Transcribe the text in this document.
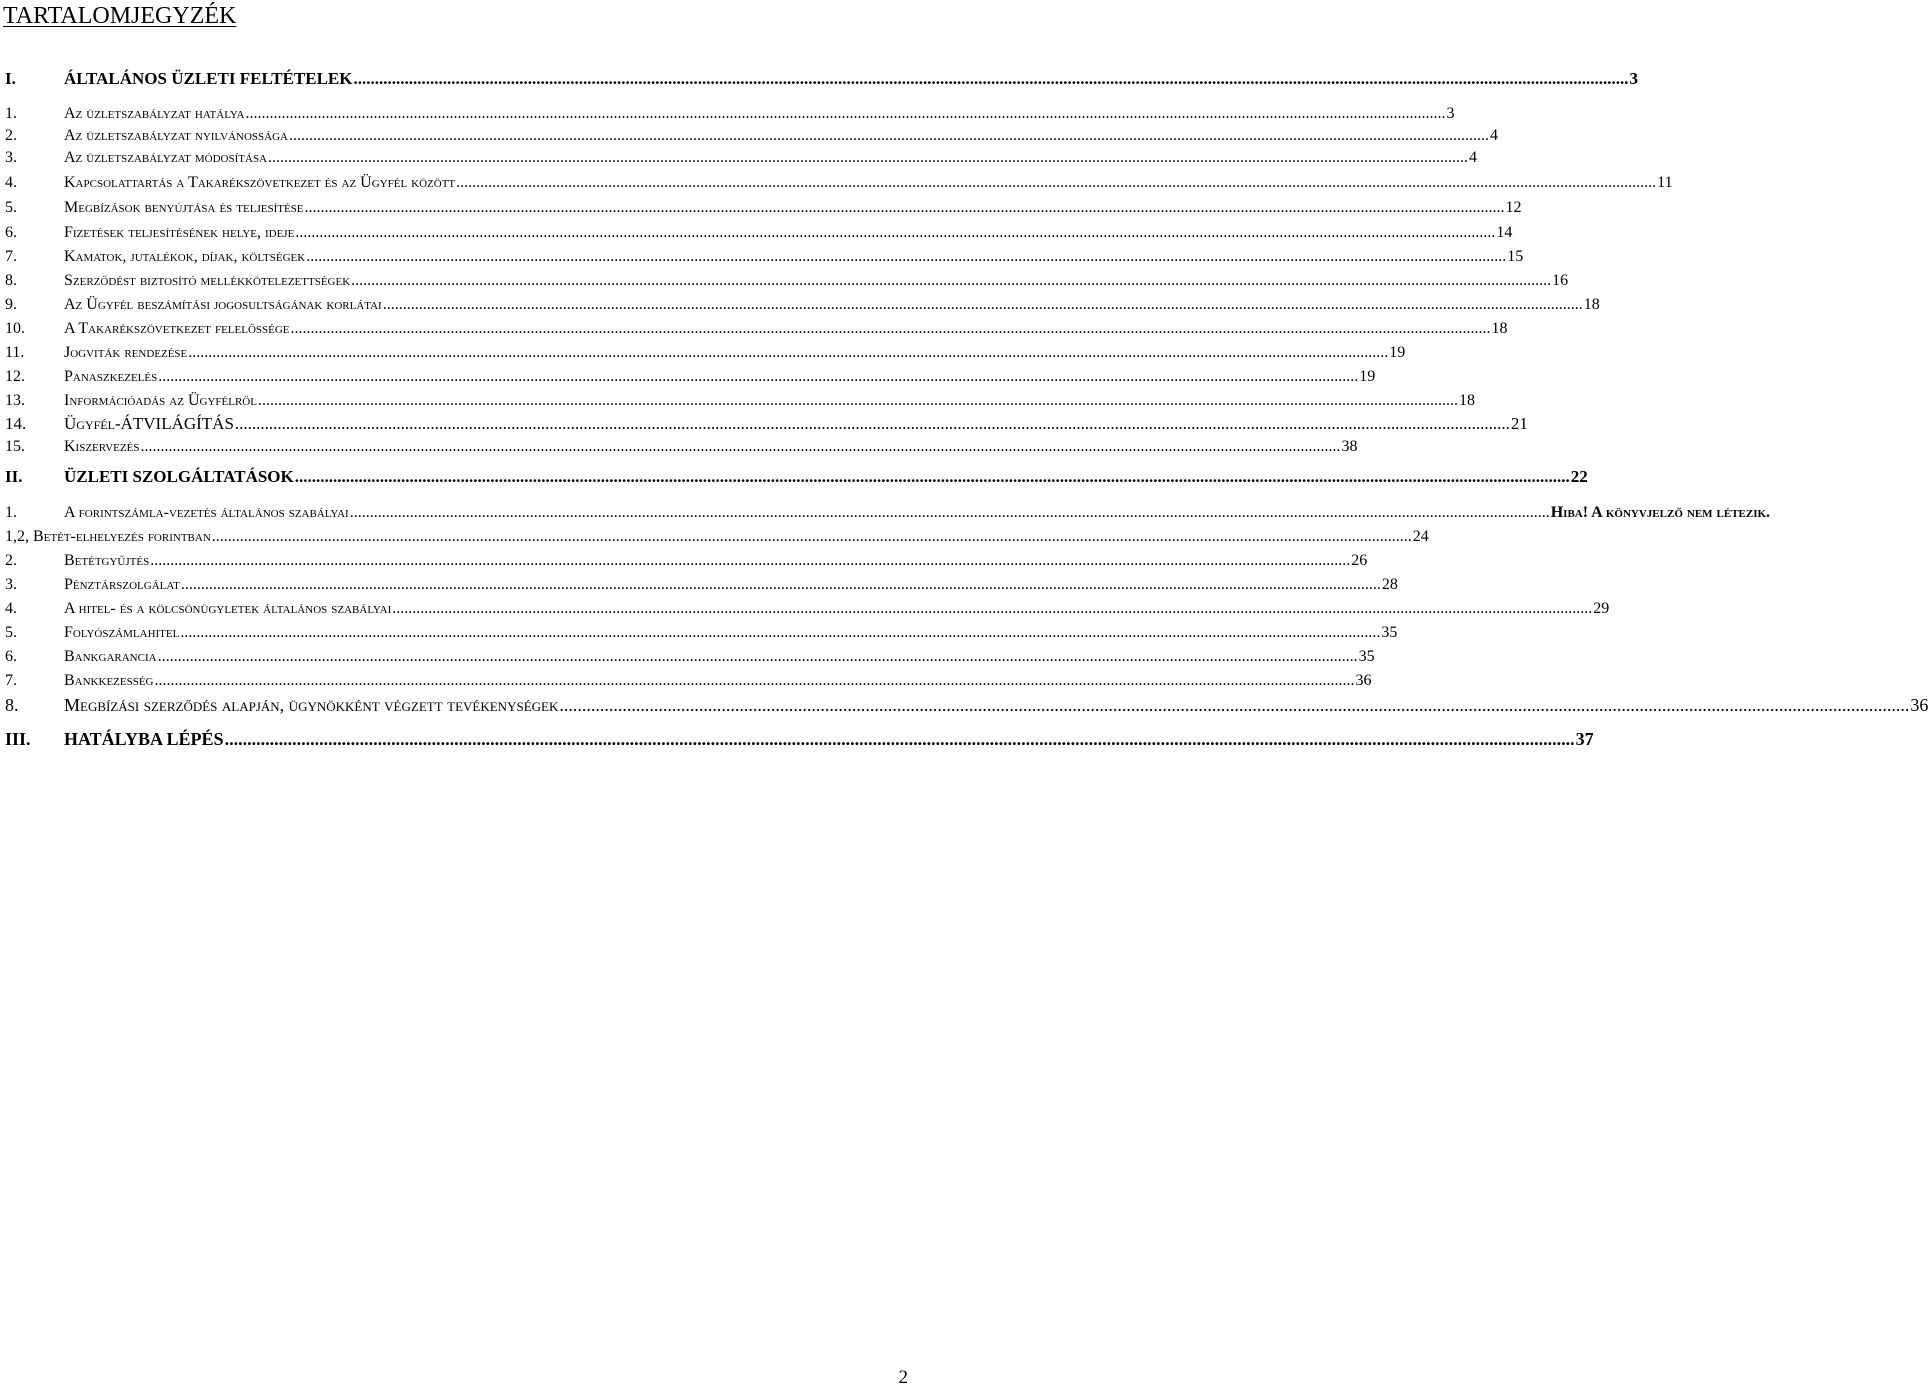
TARTALOMJEGYZÉK
I.	ÁLTALÁNOS ÜZLETI FELTÉTELEK ............................................................................................................................................................................................................................................................................................................ 3
1.	Az üzletszabályzat hatálya ............................................................................................................................................................................................................................................................................................................ 3
2.	Az üzletszabályzat nyilvánossága ............................................................................................................................................................................................................................................................................................................ 4
3.	Az üzletszabályzat módosítása ............................................................................................................................................................................................................................................................................................................ 4
4.	Kapcsolattartás a Takarékszövetkezet és az Ügyfél között ............................................................................................................................................................................................................................................................................................................ 11
5.	Megbízások benyújtása és teljesítése ............................................................................................................................................................................................................................................................................................................ 12
6.	Fizetések teljesítésének helye, ideje ............................................................................................................................................................................................................................................................................................................ 14
7.	Kamatok, jutalékok, díjak, költségek ............................................................................................................................................................................................................................................................................................................ 15
8.	Szerződést biztosító mellékkötelezettségek ............................................................................................................................................................................................................................................................................................................ 16
9.	Az Ügyfél beszámítási jogosultságának korlátai ............................................................................................................................................................................................................................................................................................................ 18
10. A Takarékszövetkezet felelőssége ............................................................................................................................................................................................................................................................................................................ 18
11. Jogviták rendezése ............................................................................................................................................................................................................................................................................................................ 19
12. Panaszkezelés ............................................................................................................................................................................................................................................................................................................ 19
13. Információadás az Ügyfélről ............................................................................................................................................................................................................................................................................................................ 18
14. Ügyfél-ÁTVILÁGÍTÁS ............................................................................................................................................................................................................................................................................................................ 21
15. Kiszervezés ............................................................................................................................................................................................................................................................................................................ 38
II. ÜZLETI SZOLGÁLTATÁSOK ............................................................................................................................................................................................................................................................................................................ 22
1.	A forintszámla-vezetés általános szabályai ............................................................................................................................................................................................................................................................................................................ Hiba! A könyvjelző nem létezik.
1,2, Betét-elhelyezés forintban ............................................................................................................................................................................................................................................................................................................ 24
2.	Betétgyűjtés ............................................................................................................................................................................................................................................................................................................ 26
3.	Pénztárszolgálat ............................................................................................................................................................................................................................................................................................................ 28
4.	A hitel- és a kölcsönügyletek általános szabályai ............................................................................................................................................................................................................................................................................................................ 29
5.	Folyószámlahitel ............................................................................................................................................................................................................................................................................................................ 35
6.	Bankgarancia ............................................................................................................................................................................................................................................................................................................ 35
7.	Bankkezesség ............................................................................................................................................................................................................................................................................................................ 36
8.	Megbízási szerződés alapján, ügynökként végzett tevékenységek ............................................................................................................................................................................................................................................................................................................ 36
III. HATÁLYBA LÉPÉS ............................................................................................................................................................................................................................................................................................................ 37
2
